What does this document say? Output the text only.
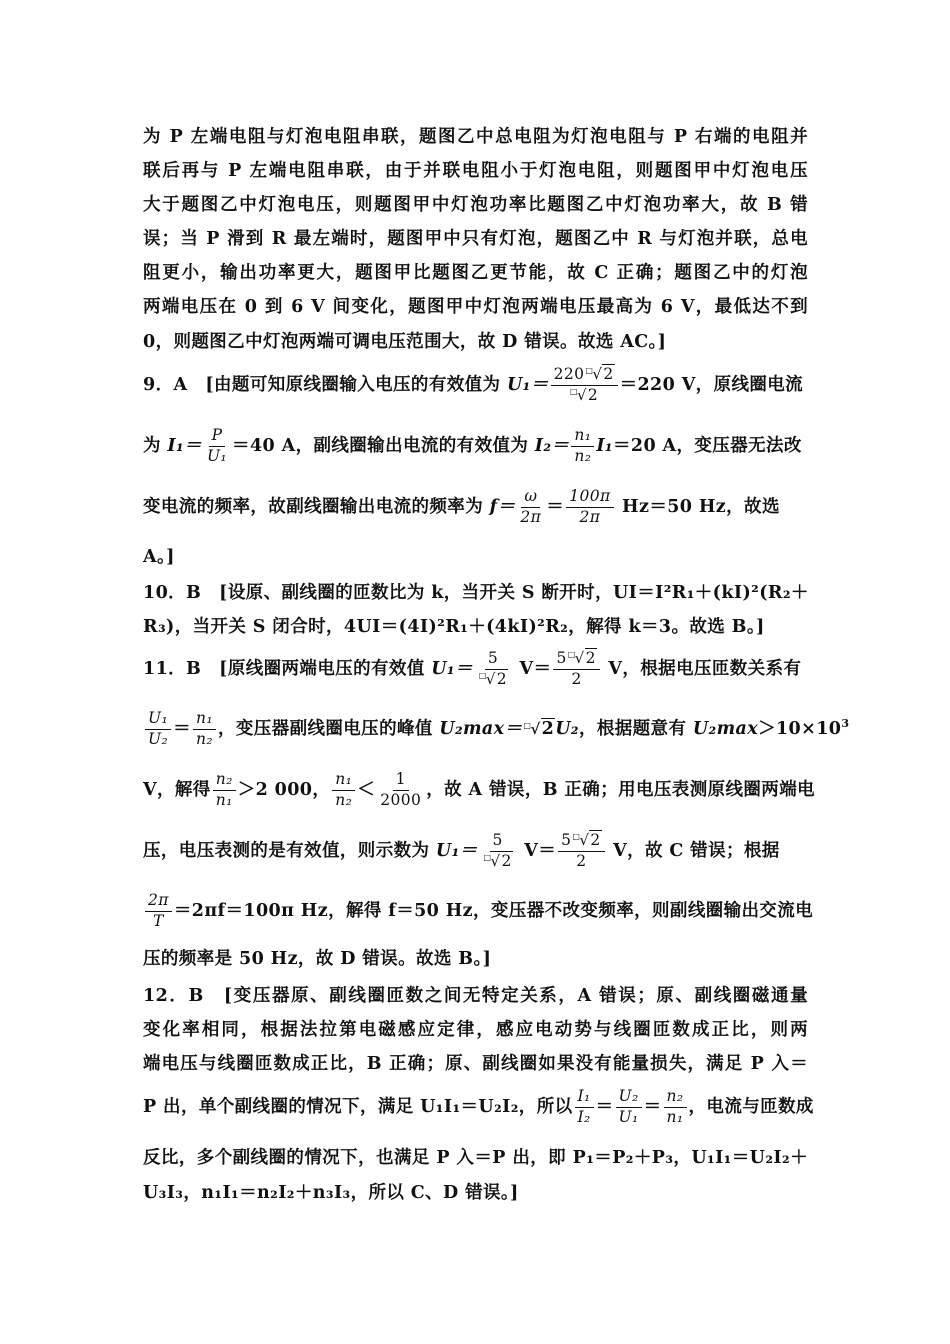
为 P 左端电阻与灯泡电阻串联，题图乙中总电阻为灯泡电阻与 P 右端的电阻并
联后再与 P 左端电阻串联，由于并联电阻小于灯泡电阻，则题图甲中灯泡电压
大于题图乙中灯泡电压，则题图甲中灯泡功率比题图乙中灯泡功率大，故 B 错
误；当 P 滑到 R 最左端时，题图甲中只有灯泡，题图乙中 R 与灯泡并联，总电
阻更小，输出功率更大，题图甲比题图乙更节能，故 C 正确；题图乙中的灯泡
两端电压在 0 到 6 V 间变化，题图甲中灯泡两端电压最高为 6 V，最低达不到
0，则题图乙中灯泡两端可调电压范围大，故 D 错误。故选 AC。]
9．A　[由题可知原线圈输入电压的有效值为 $U_1= \frac{220^□√2}{^□√2} =220$ V，原线圈电流
为 $I_1= \frac{P}{\text{U₁}} =40$ A，副线圈输出电流的有效值为 $I_2= \frac{\text{n₁}}{\text{n₂}} I_1=20$ A，变压器无法改
变电流的频率，故副线圈输出电流的频率为 $f= \frac{\omega}{2\pi} = \frac{100\pi}{2\pi} Hz=50$ Hz，故选
A。]
10．B　[设原、副线圈的匝数比为 k，当开关 S 断开时，UI＝I²R₁＋(kI)²(R₂＋
R₃)，当开关 S 闭合时，4UI＝(4I)²R₁＋(4kI)²R₂，解得 k＝3。故选 B。]
11．B　[原线圈两端电压的有效值 $U_1= \frac{5}{^□√2} V= \frac{5^□√2}{2}$ V，根据电压匝数关系有
$\frac{\text{U₁}}{\text{U₂}} = \frac{\text{n₁}}{\text{n₂}}$ ，变压器副线圈电压的峰值 U₂max＝□√2U₂，根据题意有 $U_2\max>10\times 10^3$
V，解得 $\frac{\text{n₂}}{\text{n₁}} >2$ 000， $\frac{\text{n₁}}{\text{n₂}} < \frac{1}{2000}$ ，故 A 错误，B 正确；用电压表测原线圈两端电
压，电压表测的是有效值，则示数为 $U_1= \frac{5}{^□√2} V= \frac{5^□√2}{2}$ V，故 C 错误；根据
$\frac{2\pi}{T} =2\pi f=100\pi$ Hz，解得 f＝50 Hz，变压器不改变频率，则副线圈输出交流电
压的频率是 50 Hz，故 D 错误。故选 B。]
12．B　[变压器原、副线圈匝数之间无特定关系，A 错误；原、副线圈磁通量
变化率相同，根据法拉第电磁感应定律，感应电动势与线圈匝数成正比，则两
端电压与线圈匝数成正比，B 正确；原、副线圈如果没有能量损失，满足 P 入＝
P 出，单个副线圈的情况下，满足 U₁I₁＝U₂I₂，所以 $\frac{\text{I₁}}{\text{I₂}} = \frac{\text{U₂}}{\text{U₁}} = \frac{\text{n₂}}{\text{n₁}}$ ，电流与匝数成
反比，多个副线圈的情况下，也满足 P 入＝P 出，即 P₁＝P₂＋P₃，U₁I₁＝U₂I₂＋
U₃I₃，n₁I₁＝n₂I₂＋n₃I₃，所以 C、D 错误。]
